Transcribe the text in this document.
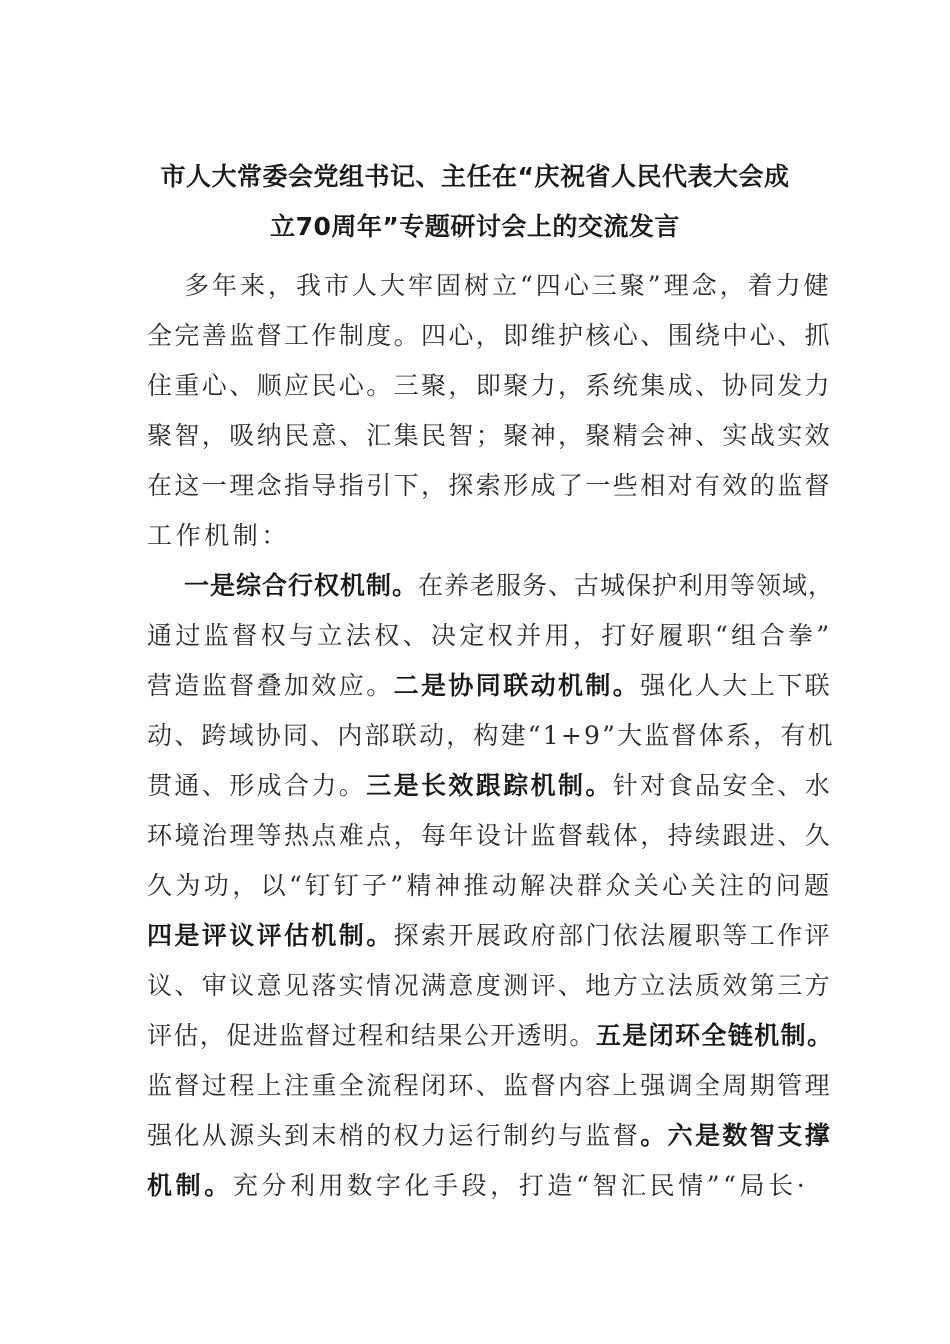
市人大常委会党组书记、主任在“庆祝省人民代表大会成
立70周年”专题研讨会上的交流发言
多年来，我市人大牢固树立“四心三聚”理念，着力健
全完善监督工作制度。四心，即维护核心、围绕中心、抓
住重心、顺应民心。三聚，即聚力，系统集成、协同发力
聚智，吸纳民意、汇集民智；聚神，聚精会神、实战实效
在这一理念指导指引下，探索形成了一些相对有效的监督
工作机制：
一是综合行权机制。在养老服务、古城保护利用等领域，
通过监督权与立法权、决定权并用，打好履职“组合拳”
营造监督叠加效应。二是协同联动机制。强化人大上下联
动、跨域协同、内部联动，构建“1+9”大监督体系，有机
贯通、形成合力。三是长效跟踪机制。针对食品安全、水
环境治理等热点难点，每年设计监督载体，持续跟进、久
久为功，以“钉钉子”精神推动解决群众关心关注的问题
四是评议评估机制。探索开展政府部门依法履职等工作评
议、审议意见落实情况满意度测评、地方立法质效第三方
评估，促进监督过程和结果公开透明。五是闭环全链机制。
监督过程上注重全流程闭环、监督内容上强调全周期管理
强化从源头到末梢的权力运行制约与监督。六是数智支撑
机制。充分利用数字化手段，打造“智汇民情”“局长·
